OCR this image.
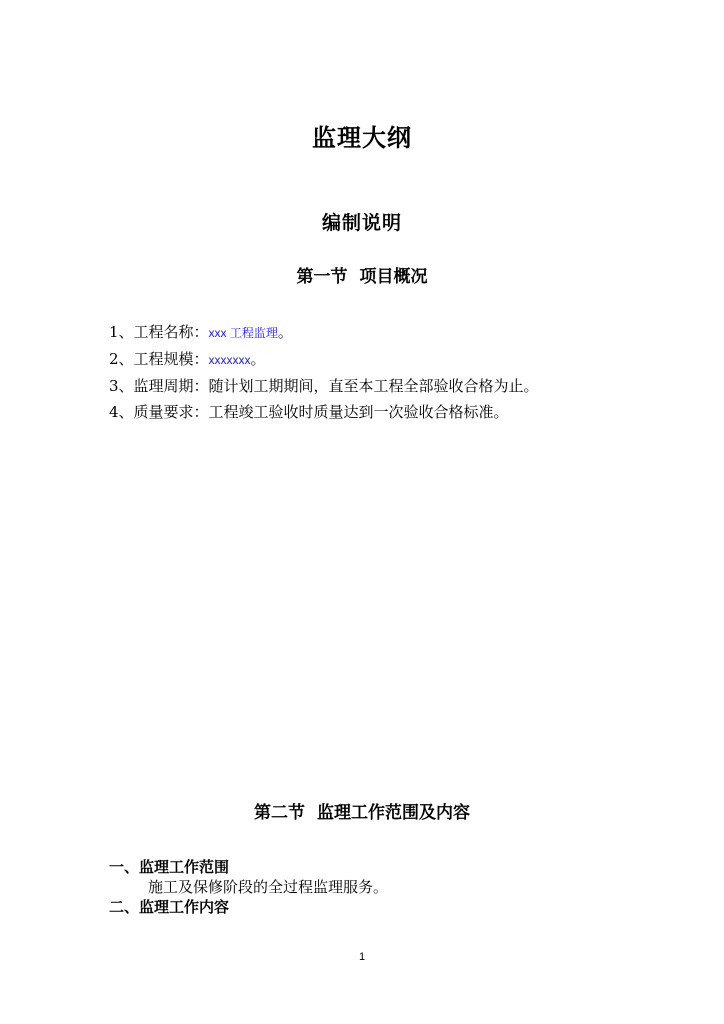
监理大纲
编制说明
第一节 项目概况
1、工程名称：xxx 工程监理。
2、工程规模：xxxxxxx。
3、监理周期：随计划工期期间，直至本工程全部验收合格为止。
4、质量要求：工程竣工验收时质量达到一次验收合格标准。
第二节 监理工作范围及内容
一、监理工作范围
施工及保修阶段的全过程监理服务。
二、监理工作内容
1
